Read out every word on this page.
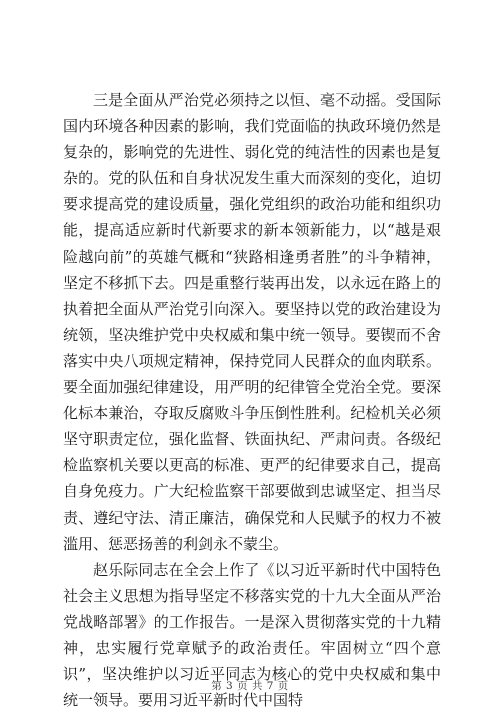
三是全面从严治党必须持之以恒、毫不动摇。受国际国内环境各种因素的影响，我们党面临的执政环境仍然是复杂的，影响党的先进性、弱化党的纯洁性的因素也是复杂的。党的队伍和自身状况发生重大而深刻的变化，迫切要求提高党的建设质量，强化党组织的政治功能和组织功能，提高适应新时代新要求的新本领新能力，以“越是艰险越向前”的英雄气概和“狭路相逢勇者胜”的斗争精神，坚定不移抓下去。四是重整行装再出发，以永远在路上的执着把全面从严治党引向深入。要坚持以党的政治建设为统领，坚决维护党中央权威和集中统一领导。要锲而不舍落实中央八项规定精神，保持党同人民群众的血肉联系。要全面加强纪律建设，用严明的纪律管全党治全党。要深化标本兼治，夺取反腐败斗争压倒性胜利。纪检机关必须坚守职责定位，强化监督、铁面执纪、严肃问责。各级纪检监察机关要以更高的标准、更严的纪律要求自己，提高自身免疫力。广大纪检监察干部要做到忠诚坚定、担当尽责、遵纪守法、清正廉洁，确保党和人民赋予的权力不被滥用、惩恶扬善的利剑永不蒙尘。

赵乐际同志在全会上作了《以习近平新时代中国特色社会主义思想为指导坚定不移落实党的十九大全面从严治党战略部署》的工作报告。一是深入贯彻落实党的十九精神，忠实履行党章赋予的政治责任。牢固树立“四个意识”，坚决维护以习近平同志为核心的党中央权威和集中统一领导。要用习近平新时代中国特

第 3 页 共 7 页
